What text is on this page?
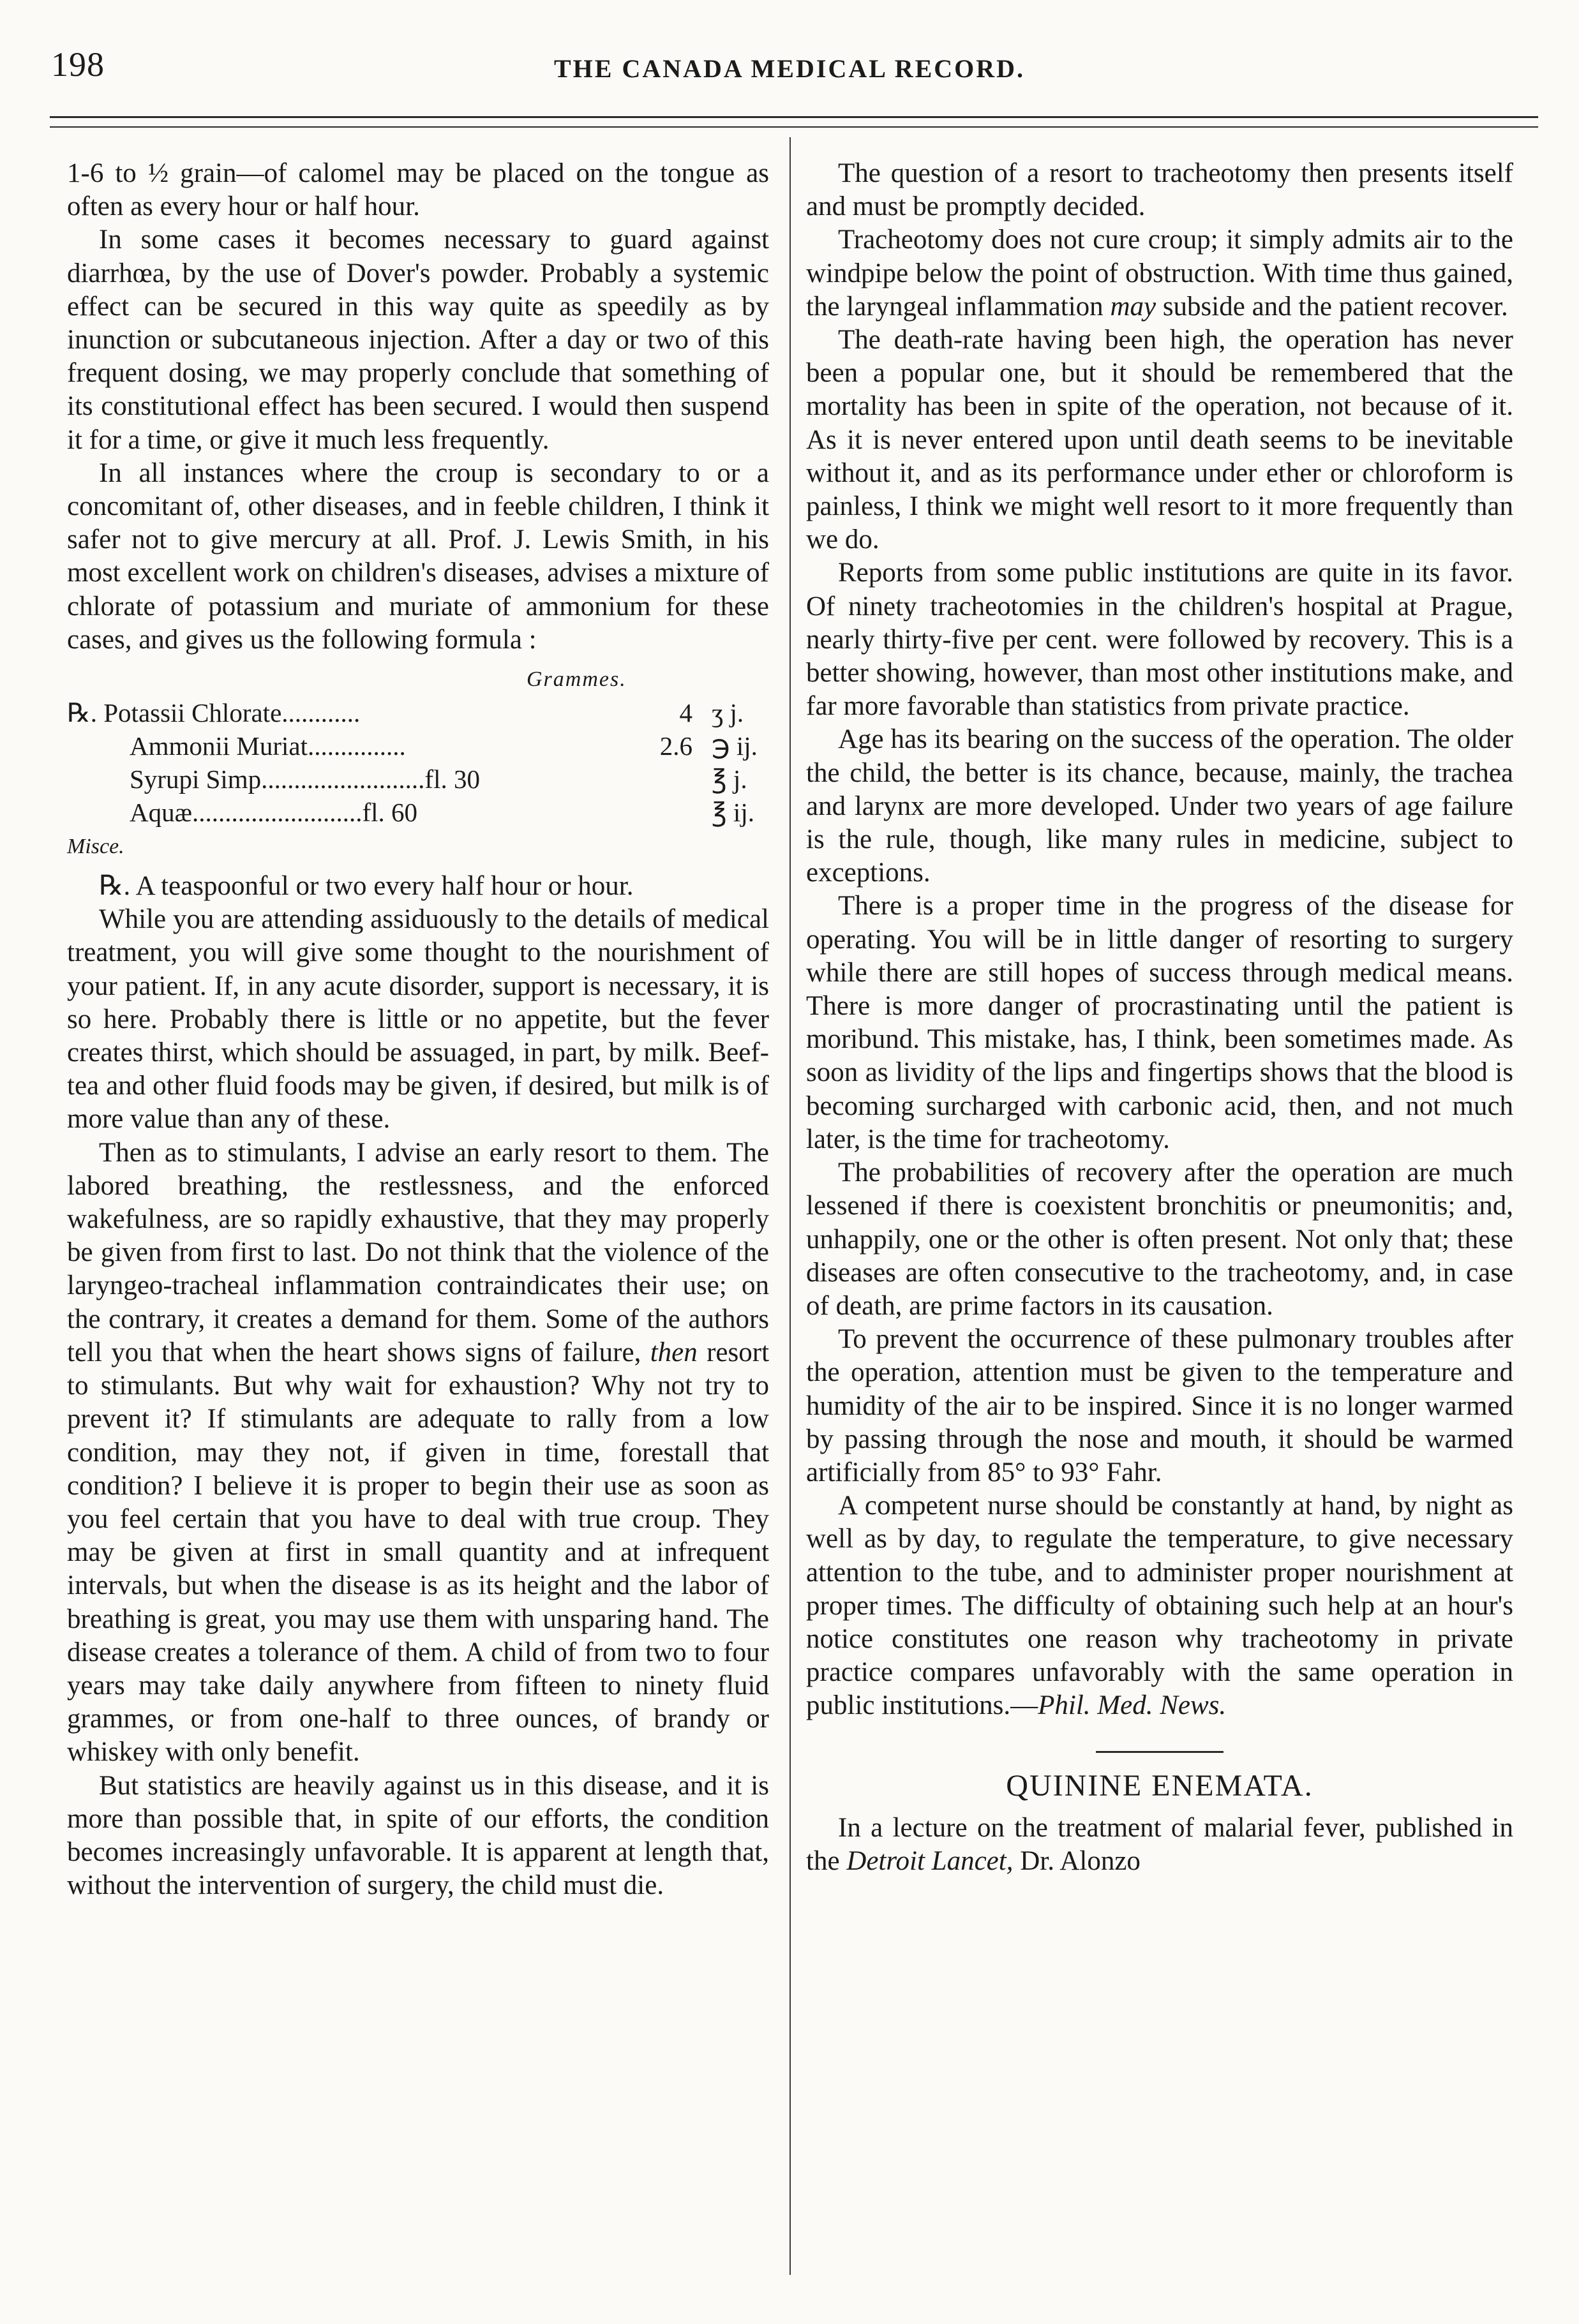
198	THE CANADA MEDICAL RECORD.

1-6 to ½ grain—of calomel may be placed on the tongue as often as every hour or half hour.

In some cases it becomes necessary to guard against diarrhœa, by the use of Dover's powder. Probably a systemic effect can be secured in this way quite as speedily as by inunction or subcutaneous injection. After a day or two of this frequent dosing, we may properly conclude that something of its constitutional effect has been secured. I would then suspend it for a time, or give it much less frequently.

In all instances where the croup is secondary to or a concomitant of, other diseases, and in feeble children, I think it safer not to give mercury at all. Prof. J. Lewis Smith, in his most excellent work on children's diseases, advises a mixture of chlorate of potassium and muriate of ammonium for these cases, and gives us the following formula :

Grammes.
℞. Potassii Chlorate............	4 ʒ j.
Ammonii Muriat...............	2.6 ℈ ij.
Syrupi Simp.........................fl. 30	℥ j.
Aquæ..........................fl. 60	℥ ij.
Misce.

℞. A teaspoonful or two every half hour or hour.

While you are attending assiduously to the details of medical treatment, you will give some thought to the nourishment of your patient. If, in any acute disorder, support is necessary, it is so here. Probably there is little or no appetite, but the fever creates thirst, which should be assuaged, in part, by milk. Beef-tea and other fluid foods may be given, if desired, but milk is of more value than any of these.

Then as to stimulants, I advise an early resort to them. The labored breathing, the restlessness, and the enforced wakefulness, are so rapidly exhaustive, that they may properly be given from first to last. Do not think that the violence of the laryngeo-tracheal inflammation contraindicates their use; on the contrary, it creates a demand for them. Some of the authors tell you that when the heart shows signs of failure, then resort to stimulants. But why wait for exhaustion? Why not try to prevent it? If stimulants are adequate to rally from a low condition, may they not, if given in time, forestall that condition? I believe it is proper to begin their use as soon as you feel certain that you have to deal with true croup. They may be given at first in small quantity and at infrequent intervals, but when the disease is as its height and the labor of breathing is great, you may use them with unsparing hand. The disease creates a tolerance of them. A child of from two to four years may take daily anywhere from fifteen to ninety fluid grammes, or from one-half to three ounces, of brandy or whiskey with only benefit.

But statistics are heavily against us in this disease, and it is more than possible that, in spite of our efforts, the condition becomes increasingly unfavorable. It is apparent at length that, without the intervention of surgery, the child must die.

The question of a resort to tracheotomy then presents itself and must be promptly decided.

Tracheotomy does not cure croup; it simply admits air to the windpipe below the point of obstruction. With time thus gained, the laryngeal inflammation may subside and the patient recover.

The death-rate having been high, the operation has never been a popular one, but it should be remembered that the mortality has been in spite of the operation, not because of it. As it is never entered upon until death seems to be inevitable without it, and as its performance under ether or chloroform is painless, I think we might well resort to it more frequently than we do.

Reports from some public institutions are quite in its favor. Of ninety tracheotomies in the children's hospital at Prague, nearly thirty-five per cent. were followed by recovery. This is a better showing, however, than most other institutions make, and far more favorable than statistics from private practice.

Age has its bearing on the success of the operation. The older the child, the better is its chance, because, mainly, the trachea and larynx are more developed. Under two years of age failure is the rule, though, like many rules in medicine, subject to exceptions.

There is a proper time in the progress of the disease for operating. You will be in little danger of resorting to surgery while there are still hopes of success through medical means. There is more danger of procrastinating until the patient is moribund. This mistake, has, I think, been sometimes made. As soon as lividity of the lips and fingertips shows that the blood is becoming surcharged with carbonic acid, then, and not much later, is the time for tracheotomy.

The probabilities of recovery after the operation are much lessened if there is coexistent bronchitis or pneumonitis; and, unhappily, one or the other is often present. Not only that; these diseases are often consecutive to the tracheotomy, and, in case of death, are prime factors in its causation.

To prevent the occurrence of these pulmonary troubles after the operation, attention must be given to the temperature and humidity of the air to be inspired. Since it is no longer warmed by passing through the nose and mouth, it should be warmed artificially from 85° to 93° Fahr.

A competent nurse should be constantly at hand, by night as well as by day, to regulate the temperature, to give necessary attention to the tube, and to administer proper nourishment at proper times. The difficulty of obtaining such help at an hour's notice constitutes one reason why tracheotomy in private practice compares unfavorably with the same operation in public institutions.—Phil. Med. News.

QUININE ENEMATA.

In a lecture on the treatment of malarial fever, published in the Detroit Lancet, Dr. Alonzo
